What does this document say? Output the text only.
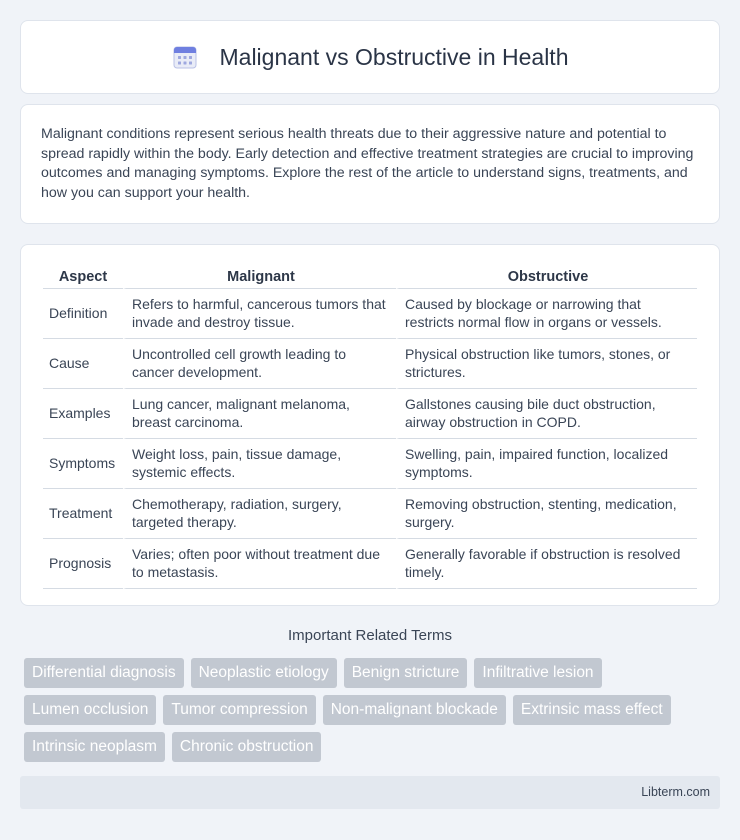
Malignant vs Obstructive in Health

Malignant conditions represent serious health threats due to their aggressive nature and potential to spread rapidly within the body. Early detection and effective treatment strategies are crucial to improving outcomes and managing symptoms. Explore the rest of the article to understand signs, treatments, and how you can support your health.

Aspect	Malignant	Obstructive
Definition	Refers to harmful, cancerous tumors that invade and destroy tissue.	Caused by blockage or narrowing that restricts normal flow in organs or vessels.
Cause	Uncontrolled cell growth leading to cancer development.	Physical obstruction like tumors, stones, or strictures.
Examples	Lung cancer, malignant melanoma, breast carcinoma.	Gallstones causing bile duct obstruction, airway obstruction in COPD.
Symptoms	Weight loss, pain, tissue damage, systemic effects.	Swelling, pain, impaired function, localized symptoms.
Treatment	Chemotherapy, radiation, surgery, targeted therapy.	Removing obstruction, stenting, medication, surgery.
Prognosis	Varies; often poor without treatment due to metastasis.	Generally favorable if obstruction is resolved timely.
Important Related Terms
Differential diagnosis	Neoplastic etiology	Benign stricture	Infiltrative lesion
Lumen occlusion	Tumor compression	Non-malignant blockade	Extrinsic mass effect
Intrinsic neoplasm	Chronic obstruction
Libterm.com
